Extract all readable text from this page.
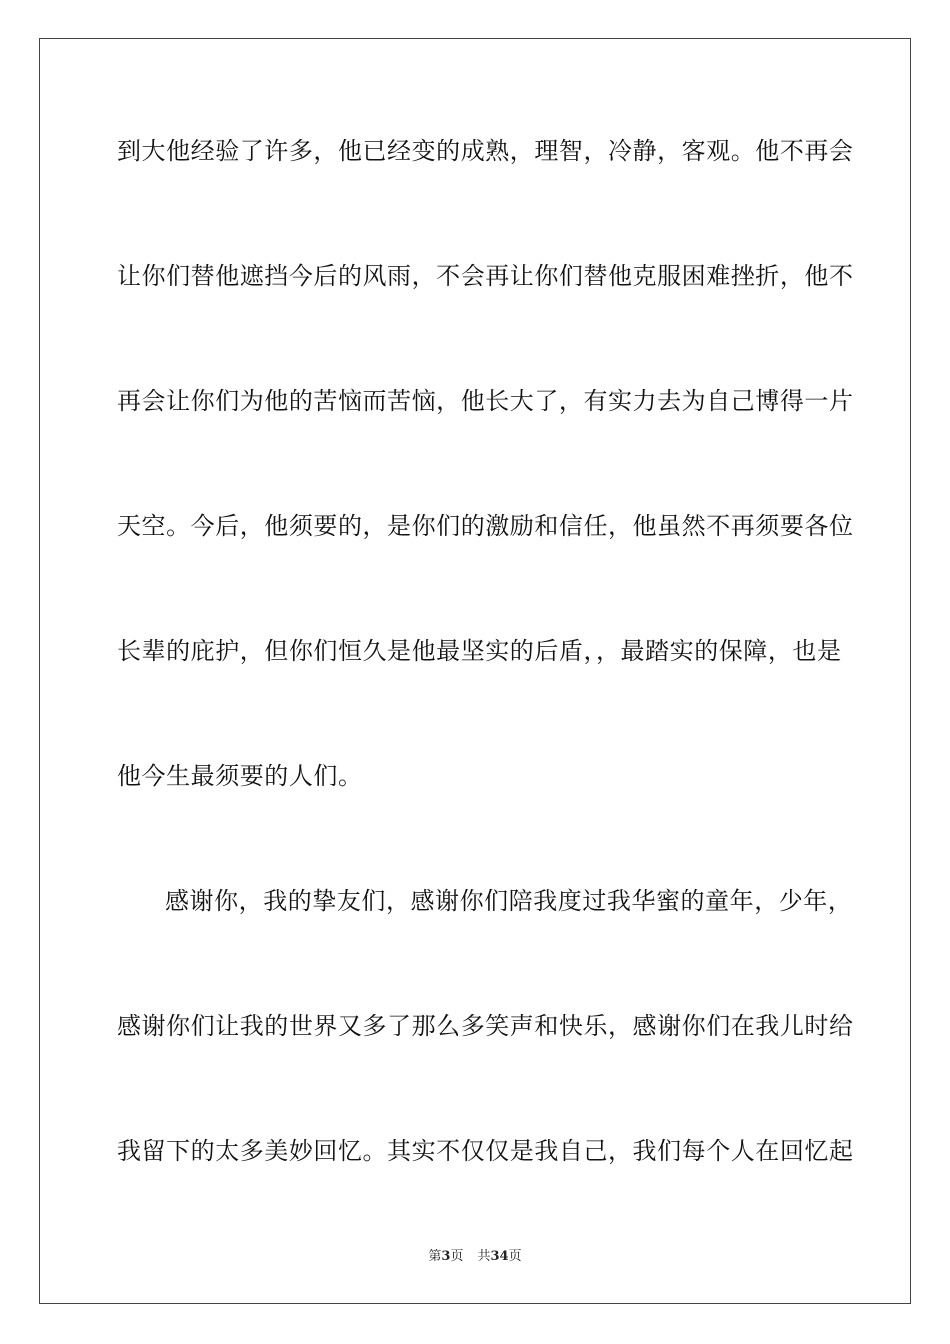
到大他经验了许多，他已经变的成熟，理智，冷静，客观。他不再会
让你们替他遮挡今后的风雨，不会再让你们替他克服困难挫折，他不
再会让你们为他的苦恼而苦恼，他长大了，有实力去为自己博得一片
天空。今后，他须要的，是你们的激励和信任，他虽然不再须要各位
长辈的庇护，但你们恒久是他最坚实的后盾，，最踏实的保障，也是
他今生最须要的人们。
感谢你，我的挚友们，感谢你们陪我度过我华蜜的童年，少年，
感谢你们让我的世界又多了那么多笑声和快乐，感谢你们在我儿时给
我留下的太多美妙回忆。其实不仅仅是我自己，我们每个人在回忆起
第3页 共34页
